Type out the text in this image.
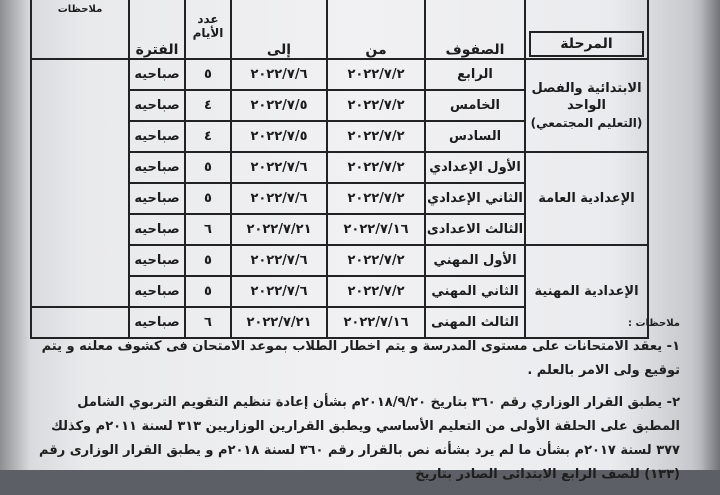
المرحلة	الصفوف	من	إلى	عدد الأيام	الفترة	ملاحظات
الابتدائية والفصل الواحد
(التعليم المجتمعي)	الرابع	٢٠٢٢/٧/٢	٢٠٢٢/٧/٦	٥	صباحيه	
	الخامس	٢٠٢٢/٧/٢	٢٠٢٢/٧/٥	٤	صباحيه	
	السادس	٢٠٢٢/٧/٢	٢٠٢٢/٧/٥	٤	صباحيه	
الإعدادية العامة	الأول الإعدادي	٢٠٢٢/٧/٢	٢٠٢٢/٧/٦	٥	صباحيه	
	الثاني الإعدادي	٢٠٢٢/٧/٢	٢٠٢٢/٧/٦	٥	صباحيه	
	الثالث الاعدادى	٢٠٢٢/٧/١٦	٢٠٢٢/٧/٢١	٦	صباحيه	
الإعدادية المهنية	الأول المهني	٢٠٢٢/٧/٢	٢٠٢٢/٧/٦	٥	صباحيه	
	الثاني المهني	٢٠٢٢/٧/٢	٢٠٢٢/٧/٦	٥	صباحيه	
	الثالث المهنى	٢٠٢٢/٧/١٦	٢٠٢٢/٧/٢١	٦	صباحيه		ملاحظات :

١- يعقد الامتحانات على مستوى المدرسة و يتم اخطار الطلاب بموعد الامتحان فى كشوف معلنه و يتم توقيع ولى الامر بالعلم .

٢- يطبق القرار الوزاري رقم ٣٦٠ بتاريخ ٢٠١٨/٩/٢٠م بشأن إعادة تنظيم التقويم التربوي الشامل المطبق على الحلقة الأولى من التعليم الأساسي ويطبق القرارين الوزاريين ٣١٣ لسنة ٢٠١١م وكذلك ٣٧٧ لسنة ٢٠١٧م بشأن ما لم يرد بشأنه نص بالقرار رقم ٣٦٠ لسنة ٢٠١٨م و يطبق القرار الوزارى رقم (١٣٣) للصف الرابع الابتدائى الصادر بتاريخ
